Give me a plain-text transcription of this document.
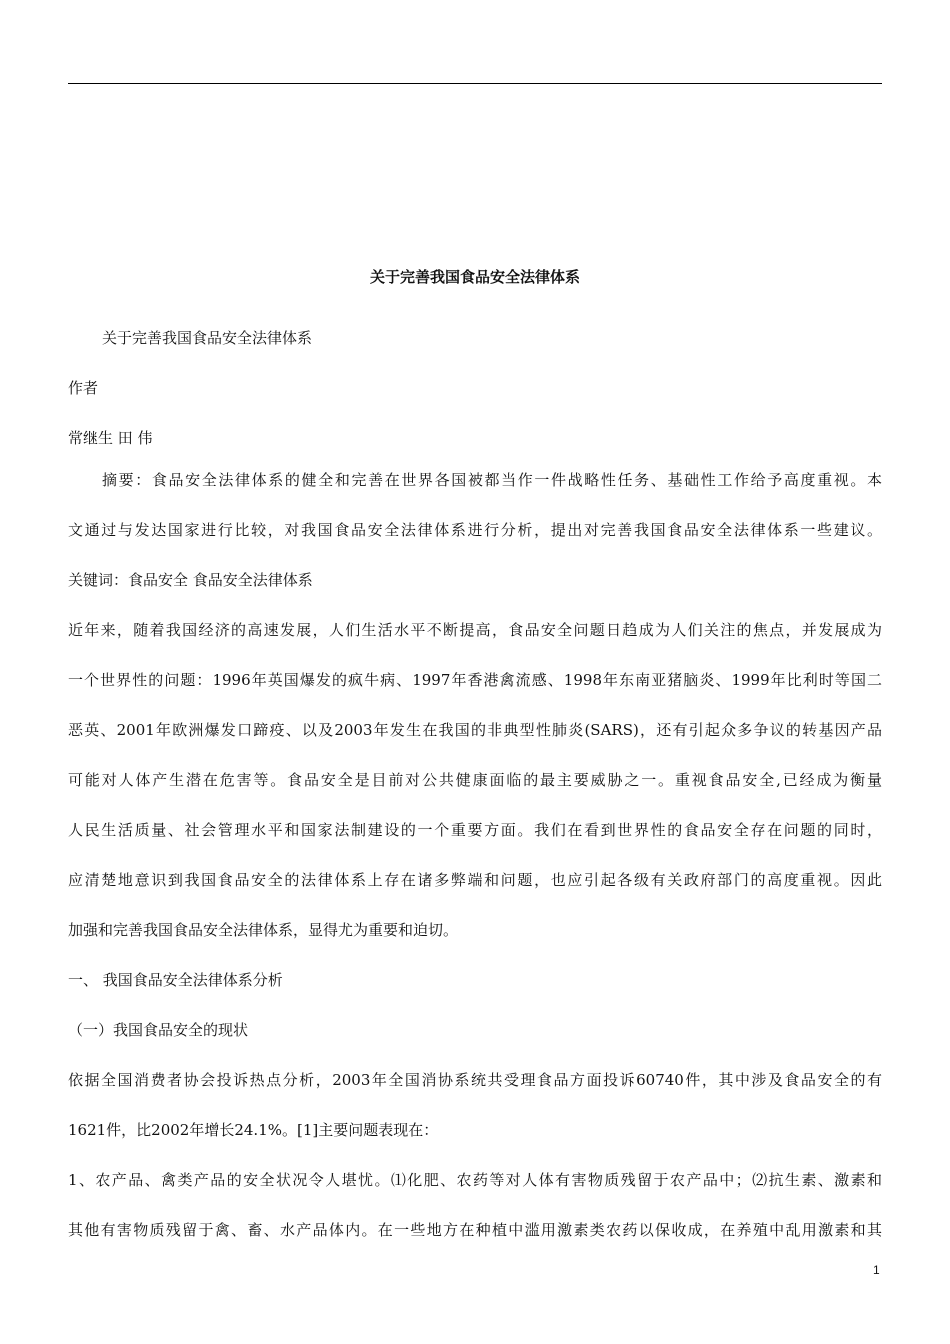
关于完善我国食品安全法律体系
关于完善我国食品安全法律体系
作者
常继生 田 伟
摘要：食品安全法律体系的健全和完善在世界各国被都当作一件战略性任务、基础性工作给予高度重视。本
文通过与发达国家进行比较，对我国食品安全法律体系进行分析，提出对完善我国食品安全法律体系一些建议。
关键词：食品安全 食品安全法律体系
近年来，随着我国经济的高速发展，人们生活水平不断提高，食品安全问题日趋成为人们关注的焦点，并发展成为
一个世界性的问题：1996年英国爆发的疯牛病、1997年香港禽流感、1998年东南亚猪脑炎、1999年比利时等国二
恶英、2001年欧洲爆发口蹄疫、以及2003年发生在我国的非典型性肺炎(SARS)，还有引起众多争议的转基因产品
可能对人体产生潜在危害等。食品安全是目前对公共健康面临的最主要威胁之一。重视食品安全,已经成为衡量
人民生活质量、社会管理水平和国家法制建设的一个重要方面。我们在看到世界性的食品安全存在问题的同时，
应清楚地意识到我国食品安全的法律体系上存在诸多弊端和问题，也应引起各级有关政府部门的高度重视。因此
加强和完善我国食品安全法律体系，显得尤为重要和迫切。
一、 我国食品安全法律体系分析
（一）我国食品安全的现状
依据全国消费者协会投诉热点分析，2003年全国消协系统共受理食品方面投诉60740件，其中涉及食品安全的有
1621件，比2002年增长24.1%。[1]主要问题表现在：
1、农产品、禽类产品的安全状况令人堪忧。⑴化肥、农药等对人体有害物质残留于农产品中；⑵抗生素、激素和
其他有害物质残留于禽、畜、水产品体内。在一些地方在种植中滥用激素类农药以保收成，在养殖中乱用激素和其
1
